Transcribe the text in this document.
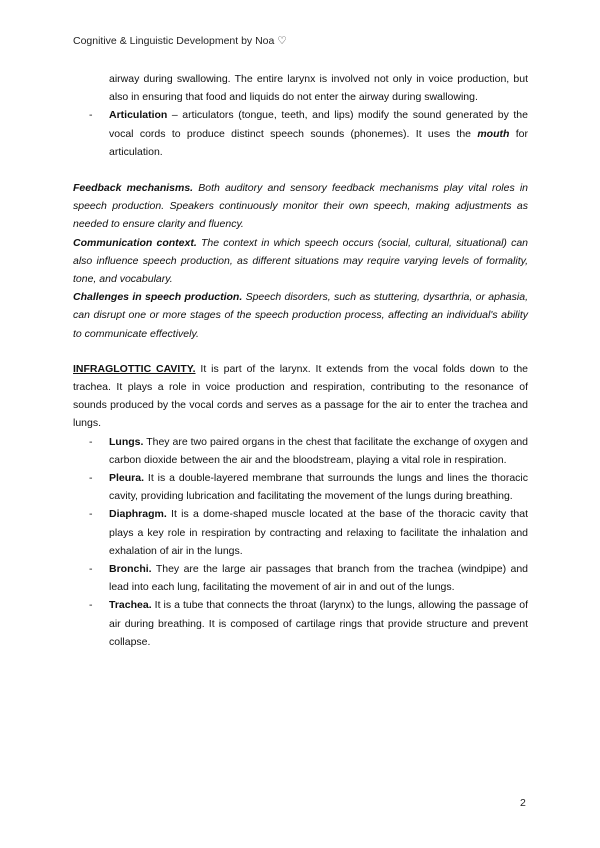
Cognitive & Linguistic Development by Noa ♡

airway during swallowing. The entire larynx is involved not only in voice production, but also in ensuring that food and liquids do not enter the airway during swallowing.

- Articulation – articulators (tongue, teeth, and lips) modify the sound generated by the vocal cords to produce distinct speech sounds (phonemes). It uses the mouth for articulation.

Feedback mechanisms. Both auditory and sensory feedback mechanisms play vital roles in speech production. Speakers continuously monitor their own speech, making adjustments as needed to ensure clarity and fluency.

Communication context. The context in which speech occurs (social, cultural, situational) can also influence speech production, as different situations may require varying levels of formality, tone, and vocabulary.

Challenges in speech production. Speech disorders, such as stuttering, dysarthria, or aphasia, can disrupt one or more stages of the speech production process, affecting an individual's ability to communicate effectively.

INFRAGLOTTIC CAVITY. It is part of the larynx. It extends from the vocal folds down to the trachea. It plays a role in voice production and respiration, contributing to the resonance of sounds produced by the vocal cords and serves as a passage for the air to enter the trachea and lungs.

- Lungs. They are two paired organs in the chest that facilitate the exchange of oxygen and carbon dioxide between the air and the bloodstream, playing a vital role in respiration.

- Pleura. It is a double-layered membrane that surrounds the lungs and lines the thoracic cavity, providing lubrication and facilitating the movement of the lungs during breathing.

- Diaphragm. It is a dome-shaped muscle located at the base of the thoracic cavity that plays a key role in respiration by contracting and relaxing to facilitate the inhalation and exhalation of air in the lungs.

- Bronchi. They are the large air passages that branch from the trachea (windpipe) and lead into each lung, facilitating the movement of air in and out of the lungs.

- Trachea. It is a tube that connects the throat (larynx) to the lungs, allowing the passage of air during breathing. It is composed of cartilage rings that provide structure and prevent collapse.

2
